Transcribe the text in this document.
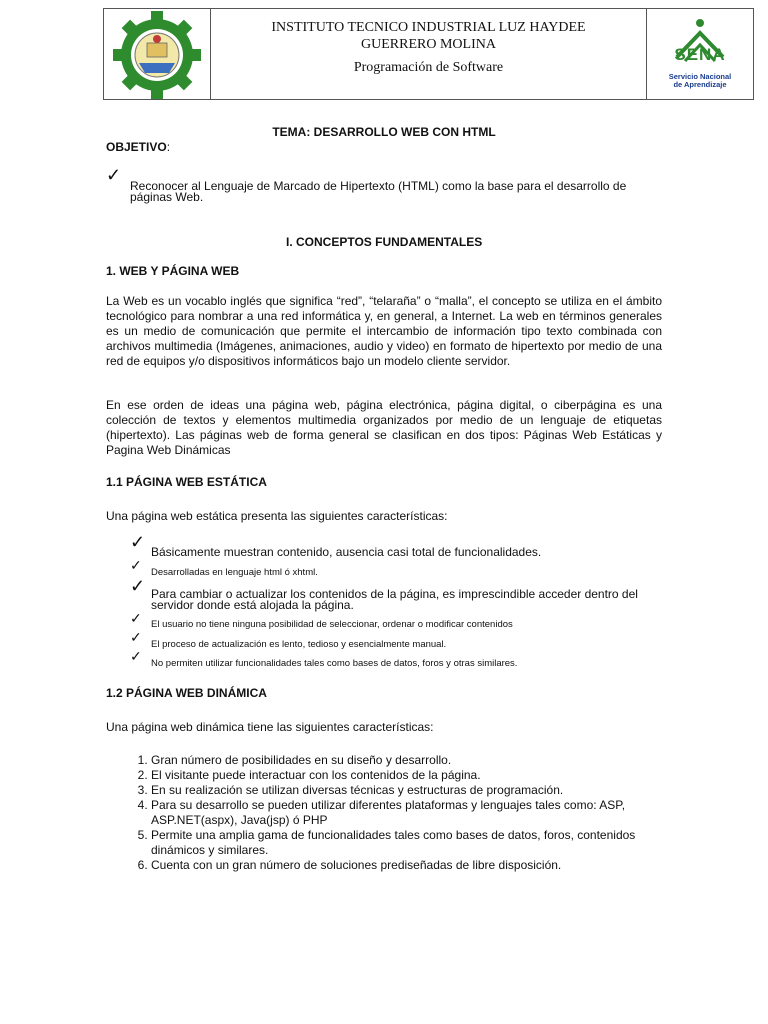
INSTITUTO TECNICO INDUSTRIAL LUZ HAYDEE
GUERRERO MOLINA
Programación de Software
SENA
Servicio Nacional
de Aprendizaje
TEMA: DESARROLLO WEB CON HTML
OBJETIVO:
✓
Reconocer al Lenguaje de Marcado de Hipertexto (HTML) como la base para el desarrollo de páginas Web.
I. CONCEPTOS FUNDAMENTALES
1. WEB Y PÁGINA WEB
La Web es un vocablo inglés que significa “red”, “telaraña” o “malla”, el concepto se utiliza en el ámbito tecnológico para nombrar a una red informática y, en general, a Internet. La web en términos generales es un medio de comunicación que permite el intercambio de información tipo texto combinada con archivos multimedia (Imágenes, animaciones, audio y video) en formato de hipertexto por medio de una red de equipos y/o dispositivos informáticos bajo un modelo cliente servidor.
En ese orden de ideas una página web, página electrónica, página digital, o ciberpágina es una colección de textos y elementos multimedia organizados por medio de un lenguaje de etiquetas (hipertexto). Las páginas web de forma general se clasifican en dos tipos: Páginas Web Estáticas y Pagina Web Dinámicas
1.1 PÁGINA WEB ESTÁTICA
Una página web estática presenta las siguientes características:
✓ Básicamente muestran contenido, ausencia casi total de funcionalidades.
✓ Desarrolladas en lenguaje html ó xhtml.
✓ Para cambiar o actualizar los contenidos de la página, es imprescindible acceder dentro del servidor donde está alojada la página.
✓ El usuario no tiene ninguna posibilidad de seleccionar, ordenar o modificar contenidos
✓ El proceso de actualización es lento, tedioso y esencialmente manual.
✓ No permiten utilizar funcionalidades tales como bases de datos, foros y otras similares.
1.2 PÁGINA WEB DINÁMICA
Una página web dinámica tiene las siguientes características:
1. Gran número de posibilidades en su diseño y desarrollo.
2. El visitante puede interactuar con los contenidos de la página.
3. En su realización se utilizan diversas técnicas y estructuras de programación.
4. Para su desarrollo se pueden utilizar diferentes plataformas y lenguajes tales como: ASP, ASP.NET(aspx), Java(jsp) ó PHP
5. Permite una amplia gama de funcionalidades tales como bases de datos, foros, contenidos dinámicos y similares.
6. Cuenta con un gran número de soluciones prediseñadas de libre disposición.
